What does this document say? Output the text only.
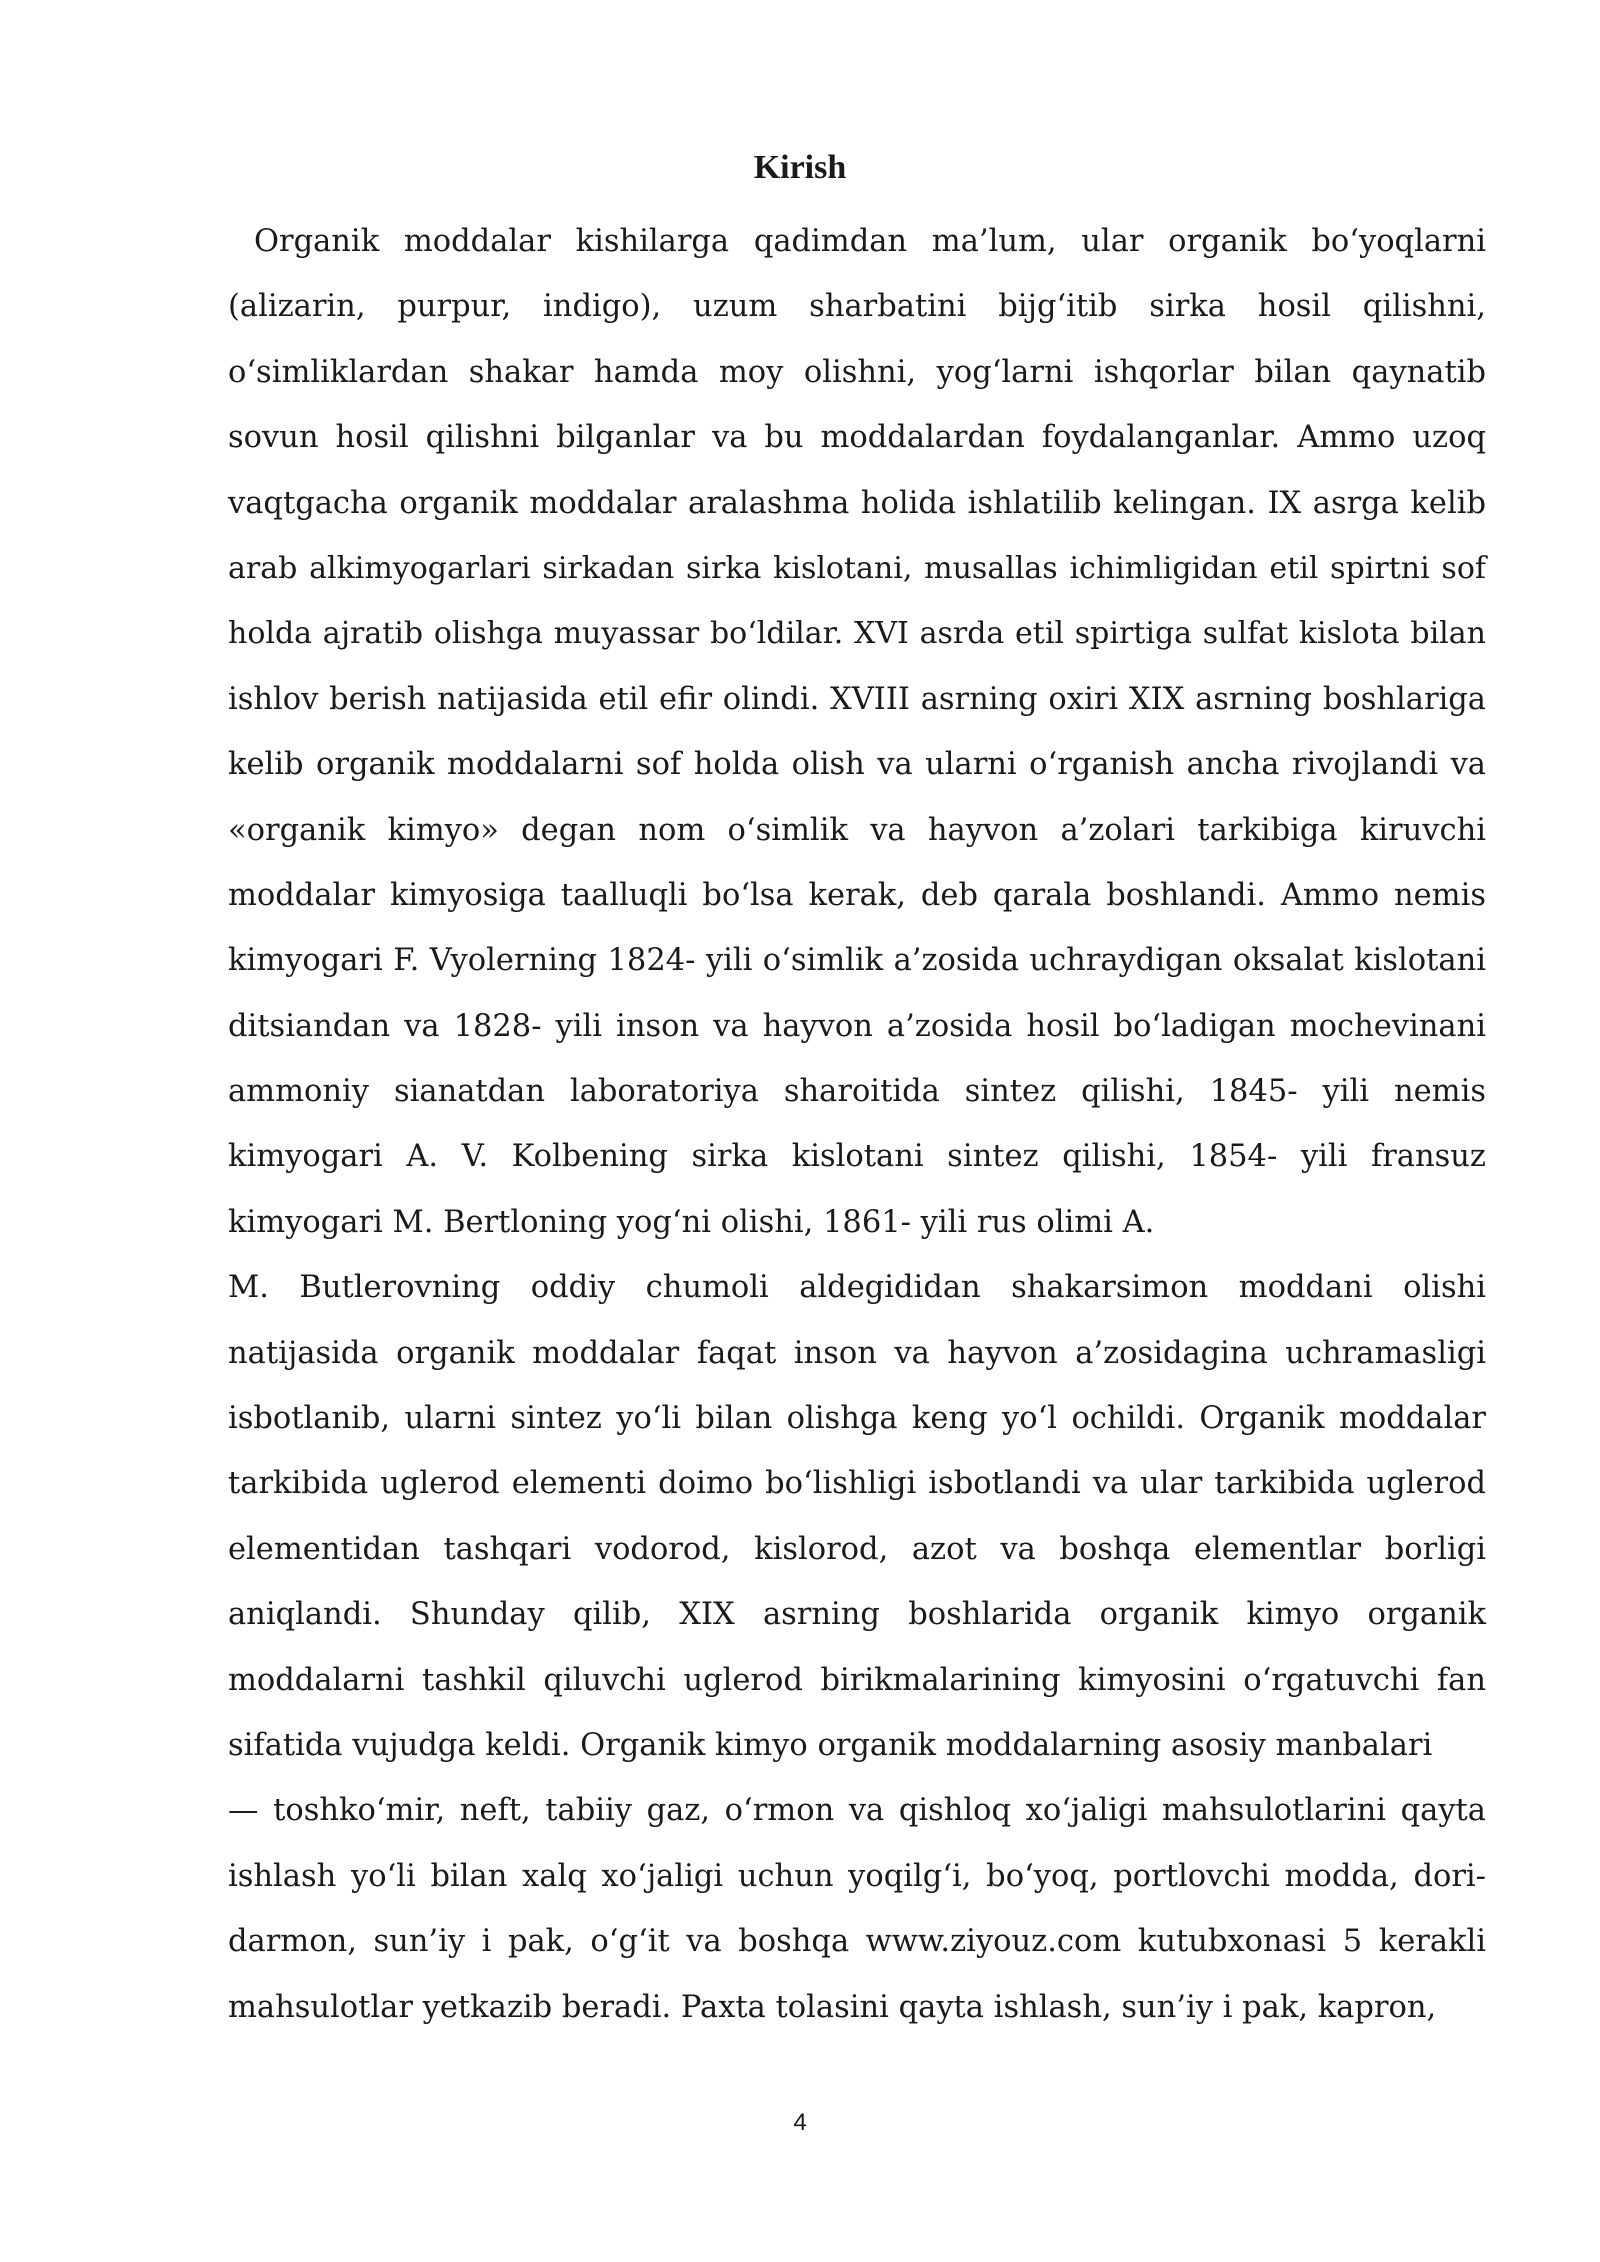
Kirish
Organik moddalar kishilarga qadimdan ma’lum, ular organik bo‘yoqlarni
(alizarin, purpur, indigo), uzum sharbatini bijg‘itib sirka hosil qilishni,
o‘simliklardan shakar hamda moy olishni, yog‘larni ishqorlar bilan qaynatib
sovun hosil qilishni bilganlar va bu moddalardan foydalanganlar. Ammo uzoq
vaqtgacha organik moddalar aralashma holida ishlatilib kelingan. IX asrga kelib
arab alkimyogarlari sirkadan sirka kislotani, musallas ichimligidan etil spirtni sof
holda ajratib olishga muyassar bo‘ldilar. XVI asrda etil spirtiga sulfat kislota bilan
ishlov berish natijasida etil efir olindi. XVIII asrning oxiri XIX asrning boshlariga
kelib organik moddalarni sof holda olish va ularni o‘rganish ancha rivojlandi va
«organik kimyo» degan nom o‘simlik va hayvon a’zolari tarkibiga kiruvchi
moddalar kimyosiga taalluqli bo‘lsa kerak, deb qarala boshlandi. Ammo nemis
kimyogari F. Vyolerning 1824- yili o‘simlik a’zosida uchraydigan oksalat kislotani
ditsiandan va 1828- yili inson va hayvon a’zosida hosil bo‘ladigan mochevinani
ammoniy sianatdan laboratoriya sharoitida sintez qilishi, 1845- yili nemis
kimyogari A. V. Kolbening sirka kislotani sintez qilishi, 1854- yili fransuz
kimyogari M. Bertloning yog‘ni olishi, 1861- yili rus olimi A.
M. Butlerovning oddiy chumoli aldegididan shakarsimon moddani olishi
natijasida organik moddalar faqat inson va hayvon a’zosidagina uchramasligi
isbotlanib, ularni sintez yo‘li bilan olishga keng yo‘l ochildi. Organik moddalar
tarkibida uglerod elementi doimo bo‘lishligi isbotlandi va ular tarkibida uglerod
elementidan tashqari vodorod, kislorod, azot va boshqa elementlar borligi
aniqlandi. Shunday qilib, XIX asrning boshlarida organik kimyo organik
moddalarni tashkil qiluvchi uglerod birikmalarining kimyosini o‘rgatuvchi fan
sifatida vujudga keldi. Organik kimyo organik moddalarning asosiy manbalari
— toshko‘mir, neft, tabiiy gaz, o‘rmon va qishloq xo‘jaligi mahsulotlarini qayta
ishlash yo‘li bilan xalq xo‘jaligi uchun yoqilg‘i, bo‘yoq, portlovchi modda, dori-
darmon, sun’iy i pak, o‘g‘it va boshqa www.ziyouz.com kutubxonasi 5 kerakli
mahsulotlar yetkazib beradi. Paxta tolasini qayta ishlash, sun’iy i pak, kapron,
4
